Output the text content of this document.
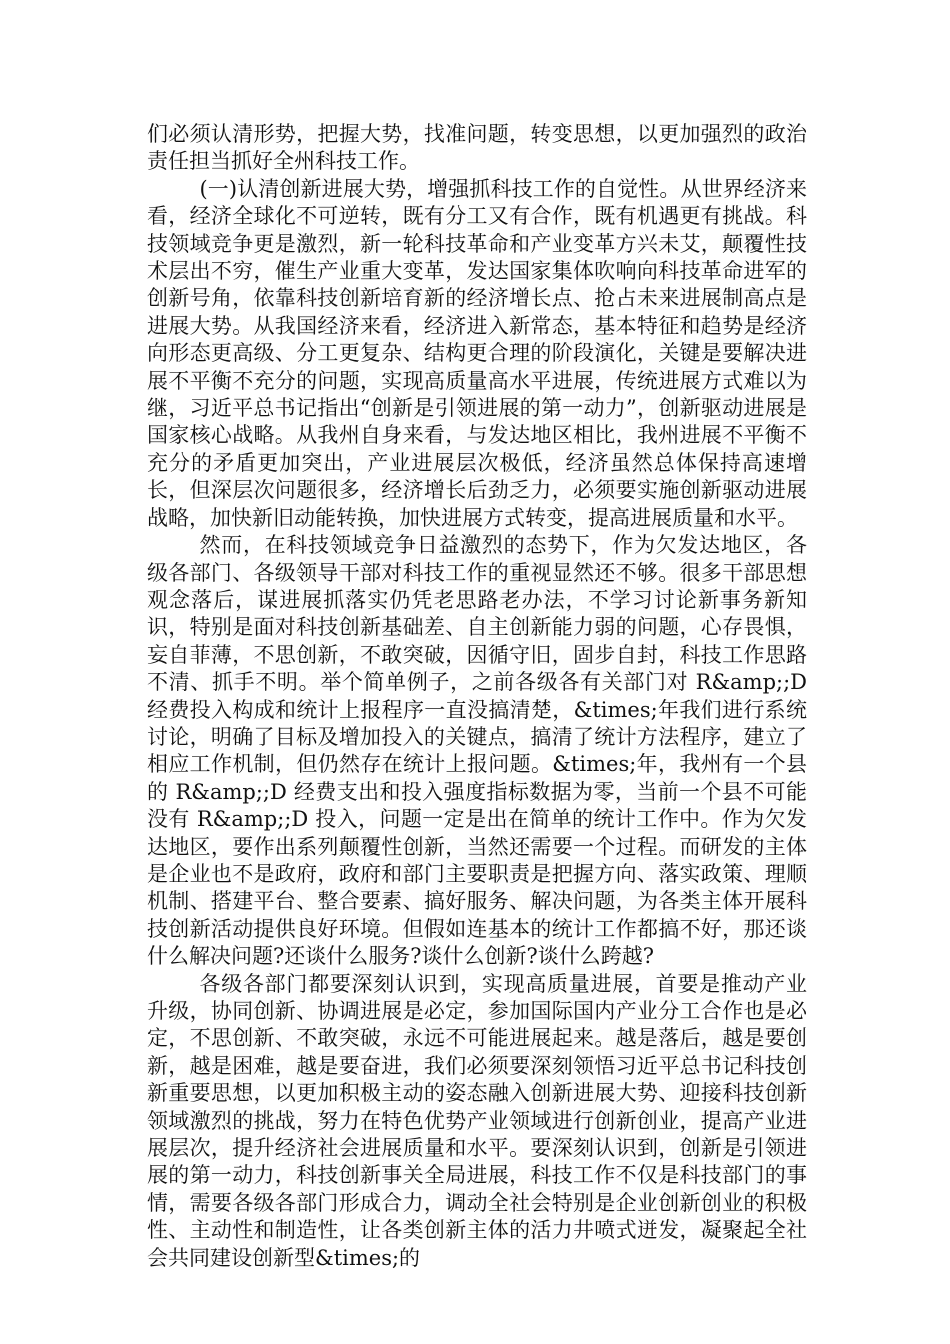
们必须认清形势，把握大势，找准问题，转变思想，以更加强烈的政治责任担当抓好全州科技工作。

(一)认清创新进展大势，增强抓科技工作的自觉性。从世界经济来看，经济全球化不可逆转，既有分工又有合作，既有机遇更有挑战。科技领域竞争更是激烈，新一轮科技革命和产业变革方兴未艾，颠覆性技术层出不穷，催生产业重大变革，发达国家集体吹响向科技革命进军的创新号角，依靠科技创新培育新的经济增长点、抢占未来进展制高点是进展大势。从我国经济来看，经济进入新常态，基本特征和趋势是经济向形态更高级、分工更复杂、结构更合理的阶段演化，关键是要解决进展不平衡不充分的问题，实现高质量高水平进展，传统进展方式难以为继，习近平总书记指出“创新是引领进展的第一动力”，创新驱动进展是国家核心战略。从我州自身来看，与发达地区相比，我州进展不平衡不充分的矛盾更加突出，产业进展层次极低，经济虽然总体保持高速增长，但深层次问题很多，经济增长后劲乏力，必须要实施创新驱动进展战略，加快新旧动能转换，加快进展方式转变，提高进展质量和水平。

然而，在科技领域竞争日益激烈的态势下，作为欠发达地区，各级各部门、各级领导干部对科技工作的重视显然还不够。很多干部思想观念落后，谋进展抓落实仍凭老思路老办法，不学习讨论新事务新知识，特别是面对科技创新基础差、自主创新能力弱的问题，心存畏惧，妄自菲薄，不思创新，不敢突破，因循守旧，固步自封，科技工作思路不清、抓手不明。举个简单例子，之前各级各有关部门对 R&amp;;D 经费投入构成和统计上报程序一直没搞清楚，&times;年我们进行系统讨论，明确了目标及增加投入的关键点，搞清了统计方法程序，建立了相应工作机制，但仍然存在统计上报问题。&times;年，我州有一个县的 R&amp;;D 经费支出和投入强度指标数据为零，当前一个县不可能没有 R&amp;;D 投入，问题一定是出在简单的统计工作中。作为欠发达地区，要作出系列颠覆性创新，当然还需要一个过程。而研发的主体是企业也不是政府，政府和部门主要职责是把握方向、落实政策、理顺机制、搭建平台、整合要素、搞好服务、解决问题，为各类主体开展科技创新活动提供良好环境。但假如连基本的统计工作都搞不好，那还谈什么解决问题?还谈什么服务?谈什么创新?谈什么跨越?

各级各部门都要深刻认识到，实现高质量进展，首要是推动产业升级，协同创新、协调进展是必定，参加国际国内产业分工合作也是必定，不思创新、不敢突破，永远不可能进展起来。越是落后，越是要创新，越是困难，越是要奋进，我们必须要深刻领悟习近平总书记科技创新重要思想，以更加积极主动的姿态融入创新进展大势、迎接科技创新领域激烈的挑战，努力在特色优势产业领域进行创新创业，提高产业进展层次，提升经济社会进展质量和水平。要深刻认识到，创新是引领进展的第一动力，科技创新事关全局进展，科技工作不仅是科技部门的事情，需要各级各部门形成合力，调动全社会特别是企业创新创业的积极性、主动性和制造性，让各类创新主体的活力井喷式迸发，凝聚起全社会共同建设创新型&times;的
